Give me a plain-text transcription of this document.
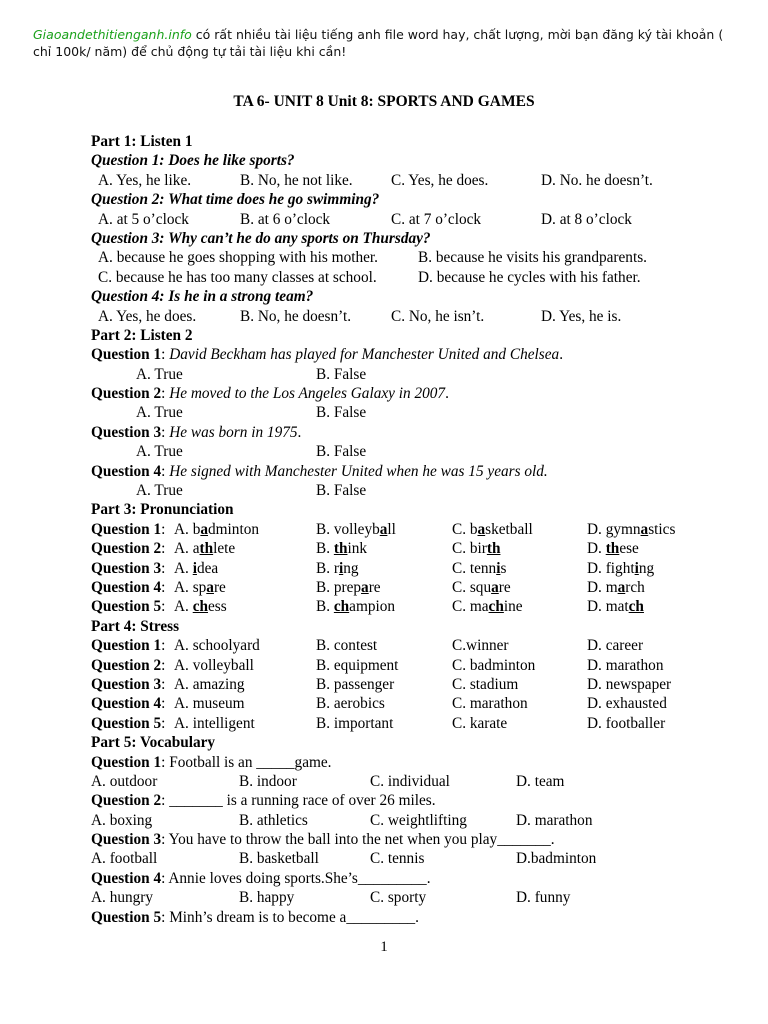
Giaoandethitienganh.info có rất nhiều tài liệu tiếng anh file word hay, chất lượng, mời bạn đăng ký tài khoản ( chỉ 100k/ năm) để chủ động tự tải tài liệu khi cần!
TA 6- UNIT 8 Unit 8: SPORTS AND GAMES
Part 1: Listen 1
Question 1: Does he like sports?
A. Yes, he like.	B. No, he not like.	C. Yes, he does.	D. No. he doesn’t.
Question 2: What time does he go swimming?
A. at 5 o’clock	B. at 6 o’clock	C. at 7 o’clock	D. at 8 o’clock
Question 3: Why can’t he do any sports on Thursday?
A. because he goes shopping with his mother.	B. because he visits his grandparents.
C. because he has too many classes at school.	D. because he cycles with his father.
Question 4: Is he in a strong team?
A. Yes, he does.	B. No, he doesn’t.	C. No, he isn’t.	D. Yes, he is.
Part 2: Listen 2
Question 1: David Beckham has played for Manchester United and Chelsea.
A. True	B. False
Question 2: He moved to the Los Angeles Galaxy in 2007.
A. True	B. False
Question 3: He was born in 1975.
A. True	B. False
Question 4: He signed with Manchester United when he was 15 years old.
A. True	B. False
Part 3: Pronunciation
Question 1: A. badminton	B. volleyball	C. basketball	D. gymnastics
Question 2: A. athlete	B. think	C. birth	D. these
Question 3: A. idea	B. ring	C. tennis	D. fighting
Question 4: A. spare	B. prepare	C. square	D. march
Question 5: A. chess	B. champion	C. machine	D. match
Part 4: Stress
Question 1: A. schoolyard	B. contest	C.winner	D. career
Question 2: A. volleyball	B. equipment	C. badminton	D. marathon
Question 3: A. amazing	B. passenger	C. stadium	D. newspaper
Question 4: A. museum	B. aerobics	C. marathon	D. exhausted
Question 5: A. intelligent	B. important	C. karate	D. footballer
Part 5: Vocabulary
Question 1: Football is an _____game.
A. outdoor	B. indoor	C. individual	D. team
Question 2: _______ is a running race of over 26 miles.
A. boxing	B. athletics	C. weightlifting	D. marathon
Question 3: You have to throw the ball into the net when you play_______.
A. football	B. basketball	C. tennis	D.badminton
Question 4: Annie loves doing sports.She’s_________.
A. hungry	B. happy	C. sporty	D. funny
Question 5: Minh’s dream is to become a_________.
1
